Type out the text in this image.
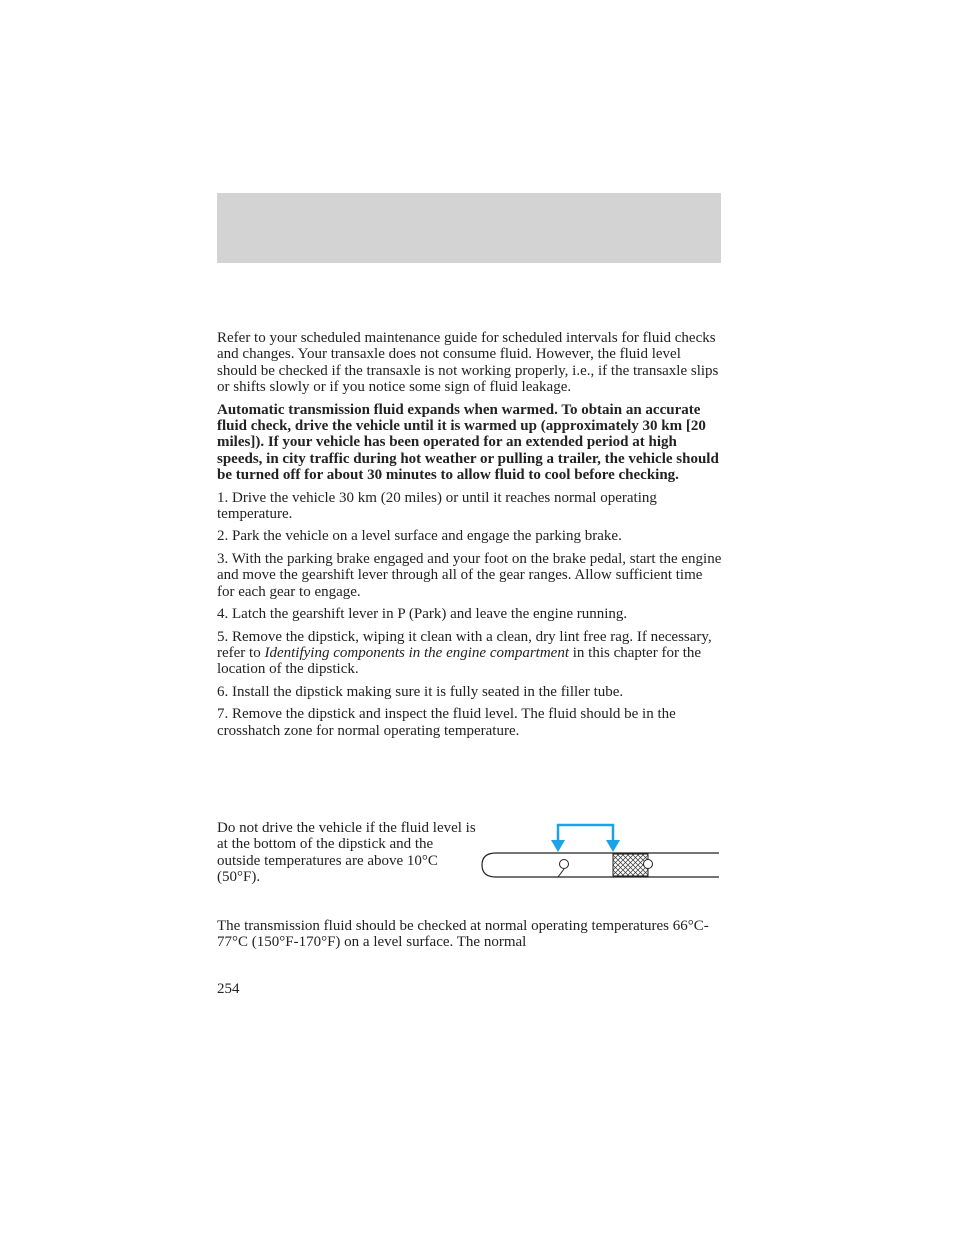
Refer to your scheduled maintenance guide for scheduled intervals for fluid checks and changes. Your transaxle does not consume fluid. However, the fluid level should be checked if the transaxle is not working properly, i.e., if the transaxle slips or shifts slowly or if you notice some sign of fluid leakage.

Automatic transmission fluid expands when warmed. To obtain an accurate fluid check, drive the vehicle until it is warmed up (approximately 30 km [20 miles]). If your vehicle has been operated for an extended period at high speeds, in city traffic during hot weather or pulling a trailer, the vehicle should be turned off for about 30 minutes to allow fluid to cool before checking.

1. Drive the vehicle 30 km (20 miles) or until it reaches normal operating temperature.

2. Park the vehicle on a level surface and engage the parking brake.

3. With the parking brake engaged and your foot on the brake pedal, start the engine and move the gearshift lever through all of the gear ranges. Allow sufficient time for each gear to engage.

4. Latch the gearshift lever in P (Park) and leave the engine running.

5. Remove the dipstick, wiping it clean with a clean, dry lint free rag. If necessary, refer to Identifying components in the engine compartment in this chapter for the location of the dipstick.

6. Install the dipstick making sure it is fully seated in the filler tube.

7. Remove the dipstick and inspect the fluid level. The fluid should be in the crosshatch zone for normal operating temperature.

Do not drive the vehicle if the fluid level is at the bottom of the dipstick and the outside temperatures are above 10°C (50°F).
The transmission fluid should be checked at normal operating temperatures 66°C-77°C (150°F-170°F) on a level surface. The normal
254
